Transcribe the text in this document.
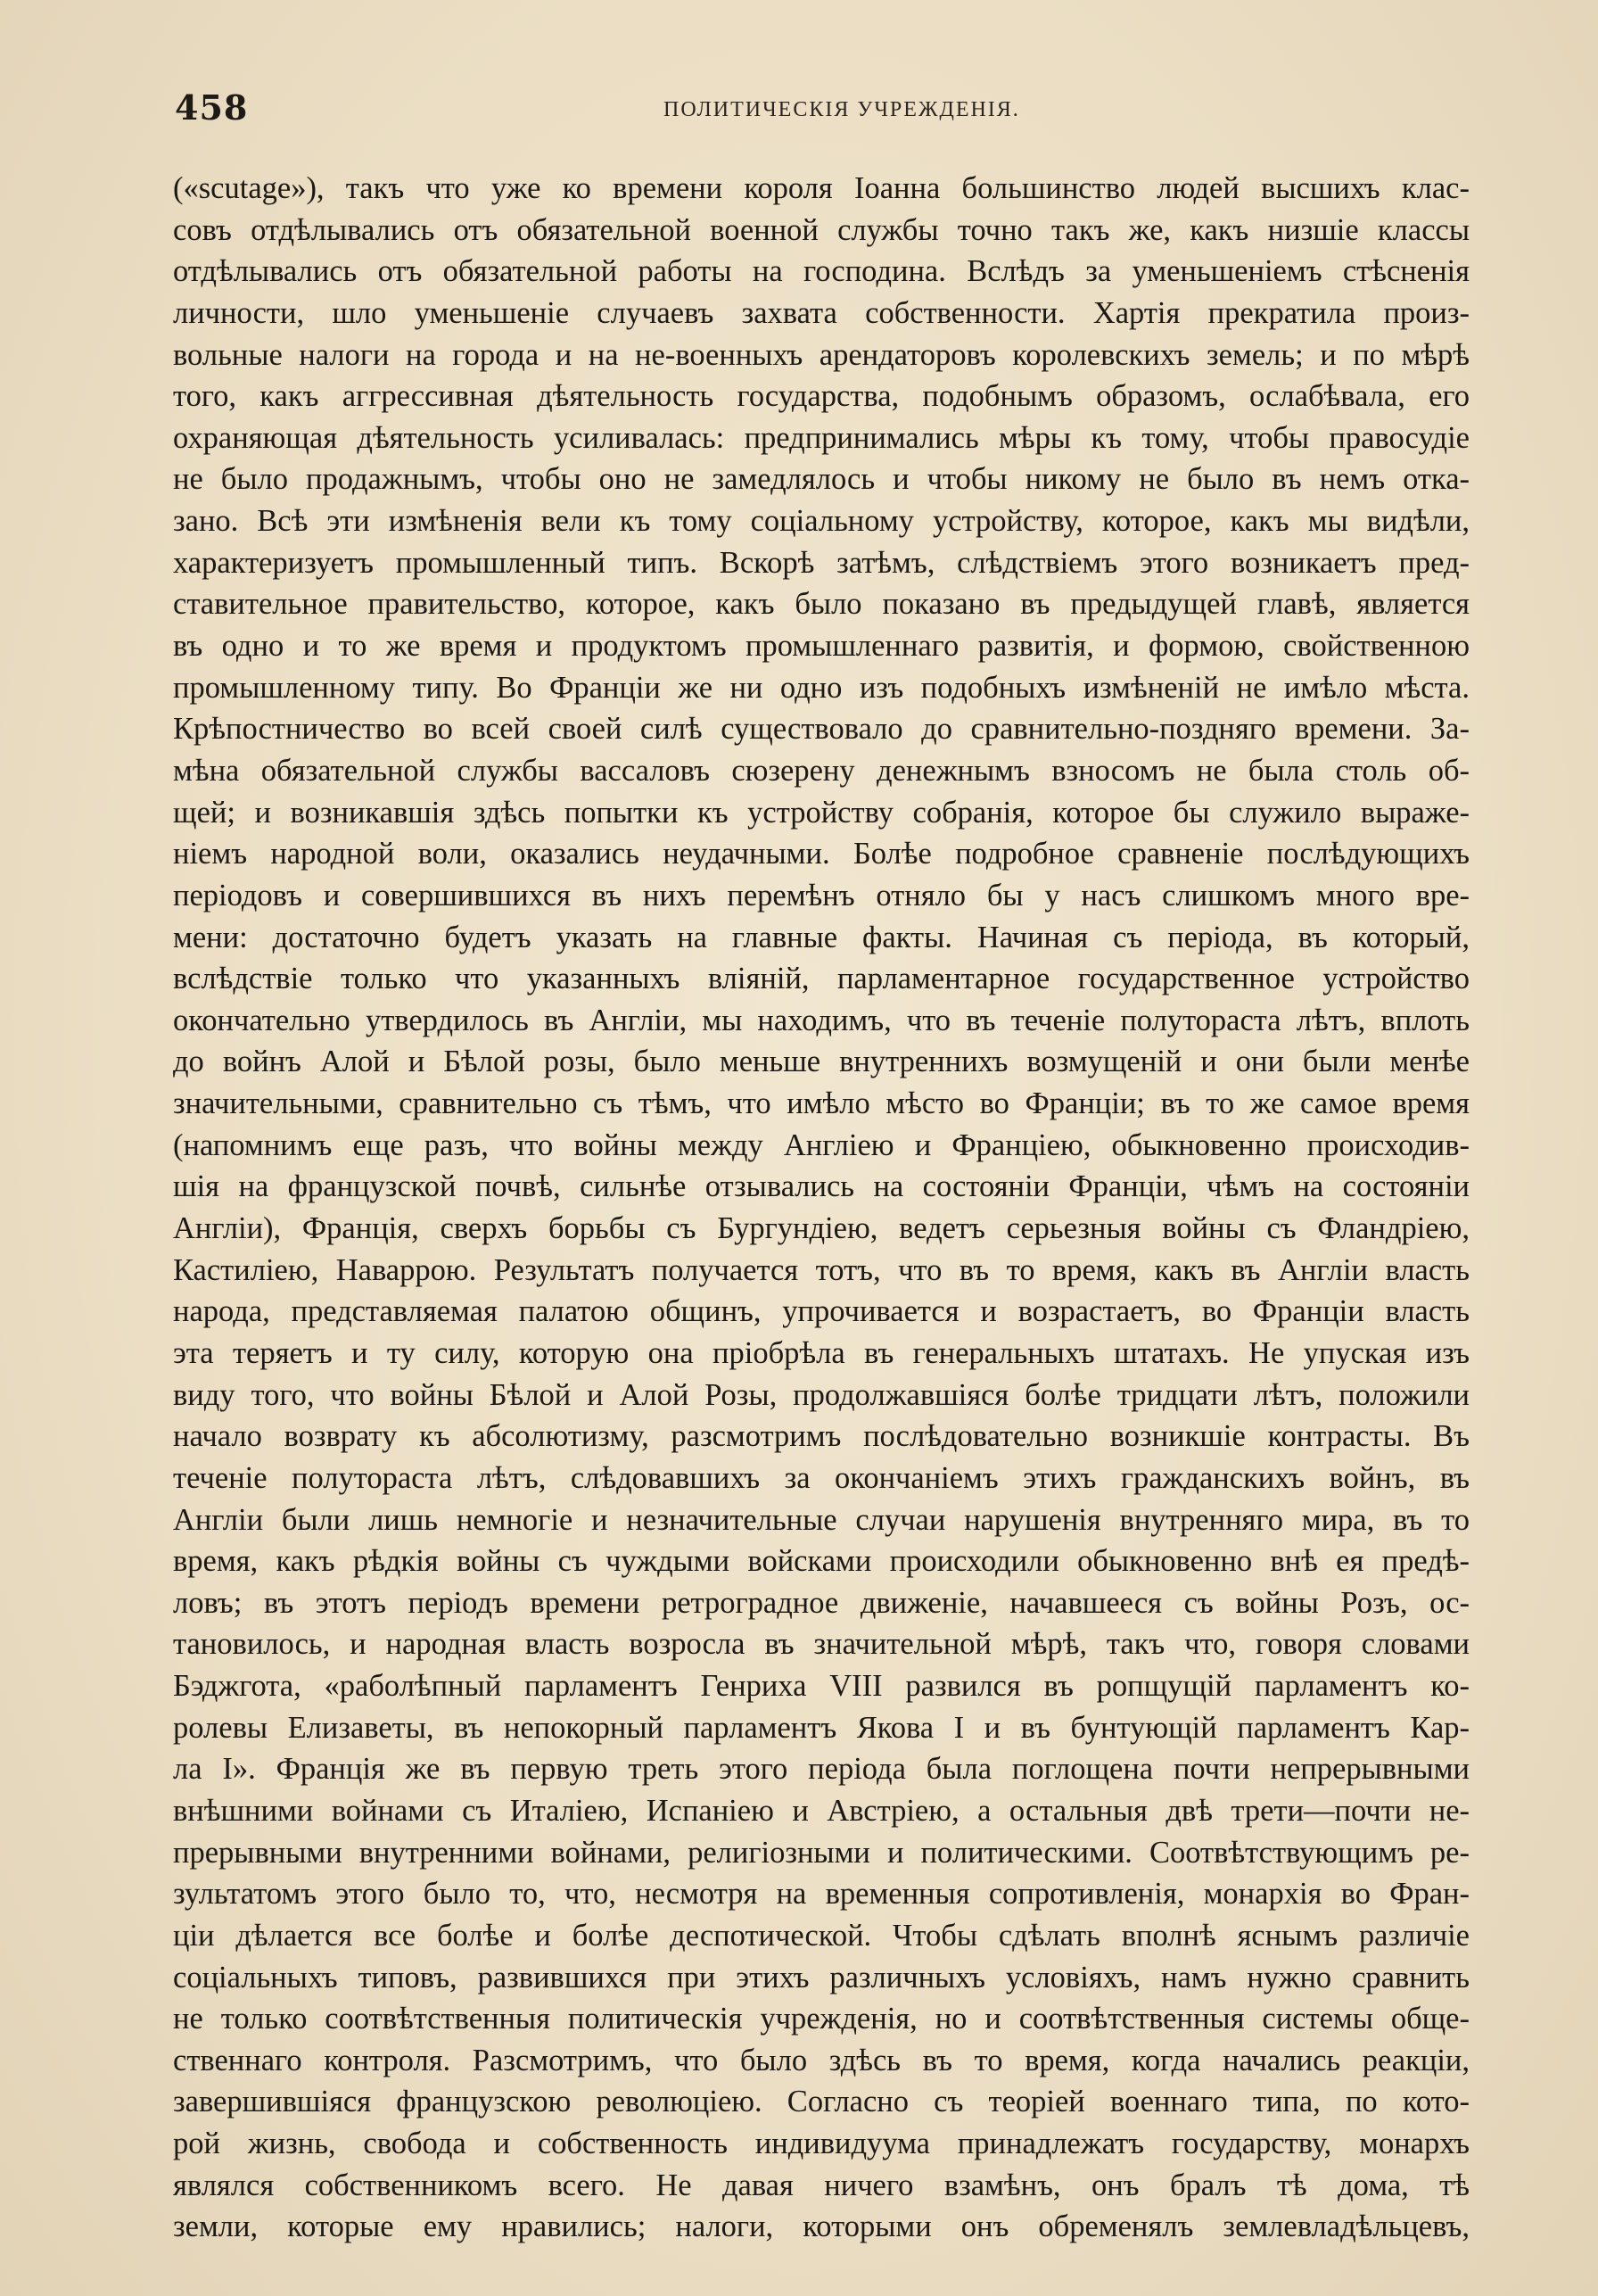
458	ПОЛИТИЧЕСКІЯ УЧРЕЖДЕНІЯ.
(«scutage»), такъ что уже ко времени короля Іоанна большинство людей высшихъ клас-
совъ отдѣлывались отъ обязательной военной службы точно такъ же, какъ низшіе классы
отдѣлывались отъ обязательной работы на господина. Вслѣдъ за уменьшеніемъ стѣсненія
личности, шло уменьшеніе случаевъ захвата собственности. Хартія прекратила произ-
вольные налоги на города и на не-военныхъ арендаторовъ королевскихъ земель; и по мѣрѣ
того, какъ аггрессивная дѣятельность государства, подобнымъ образомъ, ослабѣвала, его
охраняющая дѣятельность усиливалась: предпринимались мѣры къ тому, чтобы правосудіе
не было продажнымъ, чтобы оно не замедлялось и чтобы никому не было въ немъ отка-
зано. Всѣ эти измѣненія вели къ тому соціальному устройству, которое, какъ мы видѣли,
характеризуетъ промышленный типъ. Вскорѣ затѣмъ, слѣдствіемъ этого возникаетъ пред-
ставительное правительство, которое, какъ было показано въ предыдущей главѣ, является
въ одно и то же время и продуктомъ промышленнаго развитія, и формою, свойственною
промышленному типу. Во Франціи же ни одно изъ подобныхъ измѣненій не имѣло мѣста.
Крѣпостничество во всей своей силѣ существовало до сравнительно-поздняго времени. За-
мѣна обязательной службы вассаловъ сюзерену денежнымъ взносомъ не была столь об-
щей; и возникавшія здѣсь попытки къ устройству собранія, которое бы служило выраже-
ніемъ народной воли, оказались неудачными. Болѣе подробное сравненіе послѣдующихъ
періодовъ и совершившихся въ нихъ перемѣнъ отняло бы у насъ слишкомъ много вре-
мени: достаточно будетъ указать на главные факты. Начиная съ періода, въ который,
вслѣдствіе только что указанныхъ вліяній, парламентарное государственное устройство
окончательно утвердилось въ Англіи, мы находимъ, что въ теченіе полутораста лѣтъ, вплоть
до войнъ Алой и Бѣлой розы, было меньше внутреннихъ возмущеній и они были менѣе
значительными, сравнительно съ тѣмъ, что имѣло мѣсто во Франціи; въ то же самое время
(напомнимъ еще разъ, что войны между Англіею и Франціею, обыкновенно происходив-
шія на французской почвѣ, сильнѣе отзывались на состояніи Франціи, чѣмъ на состояніи
Англіи), Франція, сверхъ борьбы съ Бургундіею, ведетъ серьезныя войны съ Фландріею,
Кастиліею, Наваррою. Результатъ получается тотъ, что въ то время, какъ въ Англіи власть
народа, представляемая палатою общинъ, упрочивается и возрастаетъ, во Франціи власть
эта теряетъ и ту силу, которую она пріобрѣла въ генеральныхъ штатахъ. Не упуская изъ
виду того, что войны Бѣлой и Алой Розы, продолжавшіяся болѣе тридцати лѣтъ, положили
начало возврату къ абсолютизму, разсмотримъ послѣдовательно возникшіе контрасты. Въ
теченіе полутораста лѣтъ, слѣдовавшихъ за окончаніемъ этихъ гражданскихъ войнъ, въ
Англіи были лишь немногіе и незначительные случаи нарушенія внутренняго мира, въ то
время, какъ рѣдкія войны съ чуждыми войсками происходили обыкновенно внѣ ея предѣ-
ловъ; въ этотъ періодъ времени ретроградное движеніе, начавшееся съ войны Розъ, ос-
тановилось, и народная власть возросла въ значительной мѣрѣ, такъ что, говоря словами
Бэджгота, «раболѣпный парламентъ Генриха VIII развился въ ропщущій парламентъ ко-
ролевы Елизаветы, въ непокорный парламентъ Якова I и въ бунтующій парламентъ Кар-
ла I». Франція же въ первую треть этого періода была поглощена почти непрерывными
внѣшними войнами съ Италіею, Испаніею и Австріею, а остальныя двѣ трети—почти не-
прерывными внутренними войнами, религіозными и политическими. Соотвѣтствующимъ ре-
зультатомъ этого было то, что, несмотря на временныя сопротивленія, монархія во Фран-
ціи дѣлается все болѣе и болѣе деспотической. Чтобы сдѣлать вполнѣ яснымъ различіе
соціальныхъ типовъ, развившихся при этихъ различныхъ условіяхъ, намъ нужно сравнить
не только соотвѣтственныя политическія учрежденія, но и соотвѣтственныя системы обще-
ственнаго контроля. Разсмотримъ, что было здѣсь въ то время, когда начались реакціи,
завершившіяся французскою революціею. Согласно съ теоріей военнаго типа, по кото-
рой жизнь, свобода и собственность индивидуума принадлежатъ государству, монархъ
являлся собственникомъ всего. Не давая ничего взамѣнъ, онъ бралъ тѣ дома, тѣ
земли, которые ему нравились; налоги, которыми онъ обременялъ землевладѣльцевъ,
